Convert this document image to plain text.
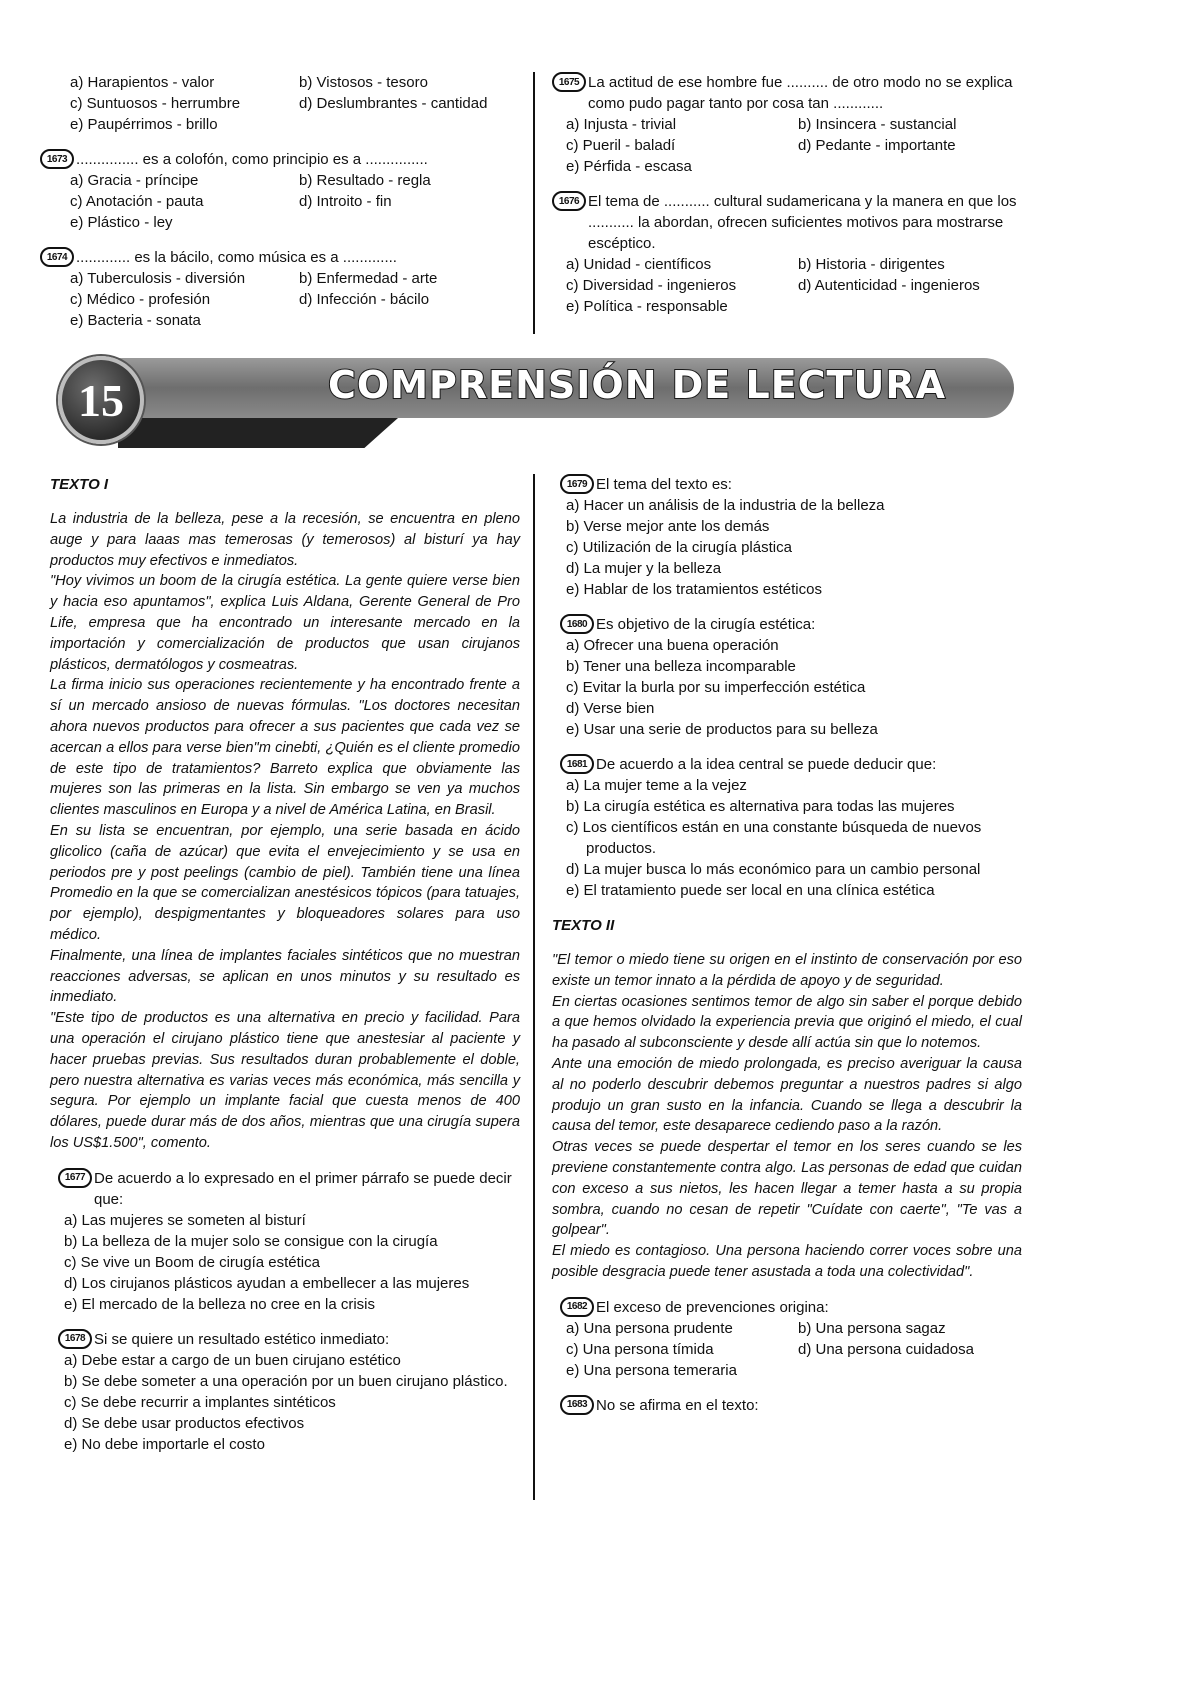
a) Harapientos - valor	b) Vistosos - tesoro
c) Suntuosos - herrumbre	d) Deslumbrantes - cantidad
e) Paupérrimos - brillo
1673 ............... es a colofón, como principio es a ...............
a) Gracia - príncipe	b) Resultado - regla
c) Anotación - pauta	d) Introito - fin
e) Plástico - ley
1674 ............. es la bácilo, como música es a .............
a) Tuberculosis - diversión	b) Enfermedad - arte
c) Médico - profesión	d) Infección - bácilo
e) Bacteria - sonata
1675 La actitud de ese hombre fue .......... de otro modo no se explica como pudo pagar tanto por cosa tan ............
a) Injusta - trivial	b) Insincera - sustancial
c) Pueril - baladí	d) Pedante - importante
e) Pérfida - escasa
1676 El tema de ........... cultural sudamericana y la manera en que los ........... la abordan, ofrecen suficientes motivos para mostrarse escéptico.
a) Unidad - científicos	b) Historia - dirigentes
c) Diversidad - ingenieros	d) Autenticidad - ingenieros
e) Política - responsable
15	COMPRENSIÓN DE LECTURA
TEXTO I

La industria de la belleza, pese a la recesión, se encuentra en pleno auge y para laaas mas temerosas (y temerosos) al bisturí ya hay productos muy efectivos e inmediatos.

"Hoy vivimos un boom de la cirugía estética. La gente quiere verse bien y hacia eso apuntamos", explica Luis Aldana, Gerente General de Pro Life, empresa que ha encontrado un interesante mercado en la importación y comercialización de productos que usan cirujanos plásticos, dermatólogos y cosmeatras.

La firma inicio sus operaciones recientemente y ha encontrado frente a sí un mercado ansioso de nuevas fórmulas. "Los doctores necesitan ahora nuevos productos para ofrecer a sus pacientes que cada vez se acercan a ellos para verse bien"m cinebti, ¿Quién es el cliente promedio de este tipo de tratamientos? Barreto explica que obviamente las mujeres son las primeras en la lista. Sin embargo se ven ya muchos clientes masculinos en Europa y a nivel de América Latina, en Brasil.

En su lista se encuentran, por ejemplo, una serie basada en ácido glicolico (caña de azúcar) que evita el envejecimiento y se usa en periodos pre y post peelings (cambio de piel). También tiene una línea Promedio en la que se comercializan anestésicos tópicos (para tatuajes, por ejemplo), despigmentantes y bloqueadores solares para uso médico.

Finalmente, una línea de implantes faciales sintéticos que no muestran reacciones adversas, se aplican en unos minutos y su resultado es inmediato.

"Este tipo de productos es una alternativa en precio y facilidad. Para una operación el cirujano plástico tiene que anestesiar al paciente y hacer pruebas previas. Sus resultados duran probablemente el doble, pero nuestra alternativa es varias veces más económica, más sencilla y segura. Por ejemplo un implante facial que cuesta menos de 400 dólares, puede durar más de dos años, mientras que una cirugía supera los US$1.500", comento.

1677 De acuerdo a lo expresado en el primer párrafo se puede decir que:
a) Las mujeres se someten al bisturí
b) La belleza de la mujer solo se consigue con la cirugía
c) Se vive un Boom de cirugía estética
d) Los cirujanos plásticos ayudan a embellecer a las mujeres
e) El mercado de la belleza no cree en la crisis
1678 Si se quiere un resultado estético inmediato:
a) Debe estar a cargo de un buen cirujano estético
b) Se debe someter a una operación por un buen cirujano plástico.
c) Se debe recurrir a implantes sintéticos
d) Se debe usar productos efectivos
e) No debe importarle el costo
1679 El tema del texto es:
a) Hacer un análisis de la industria de la belleza
b) Verse mejor ante los demás
c) Utilización de la cirugía plástica
d) La mujer y la belleza
e) Hablar de los tratamientos estéticos
1680 Es objetivo de la cirugía estética:
a) Ofrecer una buena operación
b) Tener una belleza incomparable
c) Evitar la burla por su imperfección estética
d) Verse bien
e) Usar una serie de productos para su belleza
1681 De acuerdo a la idea central se puede deducir que:
a) La mujer teme a la vejez
b) La cirugía estética es alternativa para todas las mujeres
c) Los científicos están en una constante búsqueda de nuevos productos.
d) La mujer busca lo más económico para un cambio personal
e) El tratamiento puede ser local en una clínica estética
TEXTO II

"El temor o miedo tiene su origen en el instinto de conservación por eso existe un temor innato a la pérdida de apoyo y de seguridad.

En ciertas ocasiones sentimos temor de algo sin saber el porque debido a que hemos olvidado la experiencia previa que originó el miedo, el cual ha pasado al subconsciente y desde allí actúa sin que lo notemos.

Ante una emoción de miedo prolongada, es preciso averiguar la causa al no poderlo descubrir debemos preguntar a nuestros padres si algo produjo un gran susto en la infancia. Cuando se llega a descubrir la causa del temor, este desaparece cediendo paso a la razón.

Otras veces se puede despertar el temor en los seres cuando se les previene constantemente contra algo. Las personas de edad que cuidan con exceso a sus nietos, les hacen llegar a temer hasta a su propia sombra, cuando no cesan de repetir "Cuídate con caerte", "Te vas a golpear".

El miedo es contagioso. Una persona haciendo correr voces sobre una posible desgracia puede tener asustada a toda una colectividad".

1682 El exceso de prevenciones origina:
a) Una persona prudente	b) Una persona sagaz
c) Una persona tímida	d) Una persona cuidadosa
e) Una persona temeraria
1683 No se afirma en el texto:
